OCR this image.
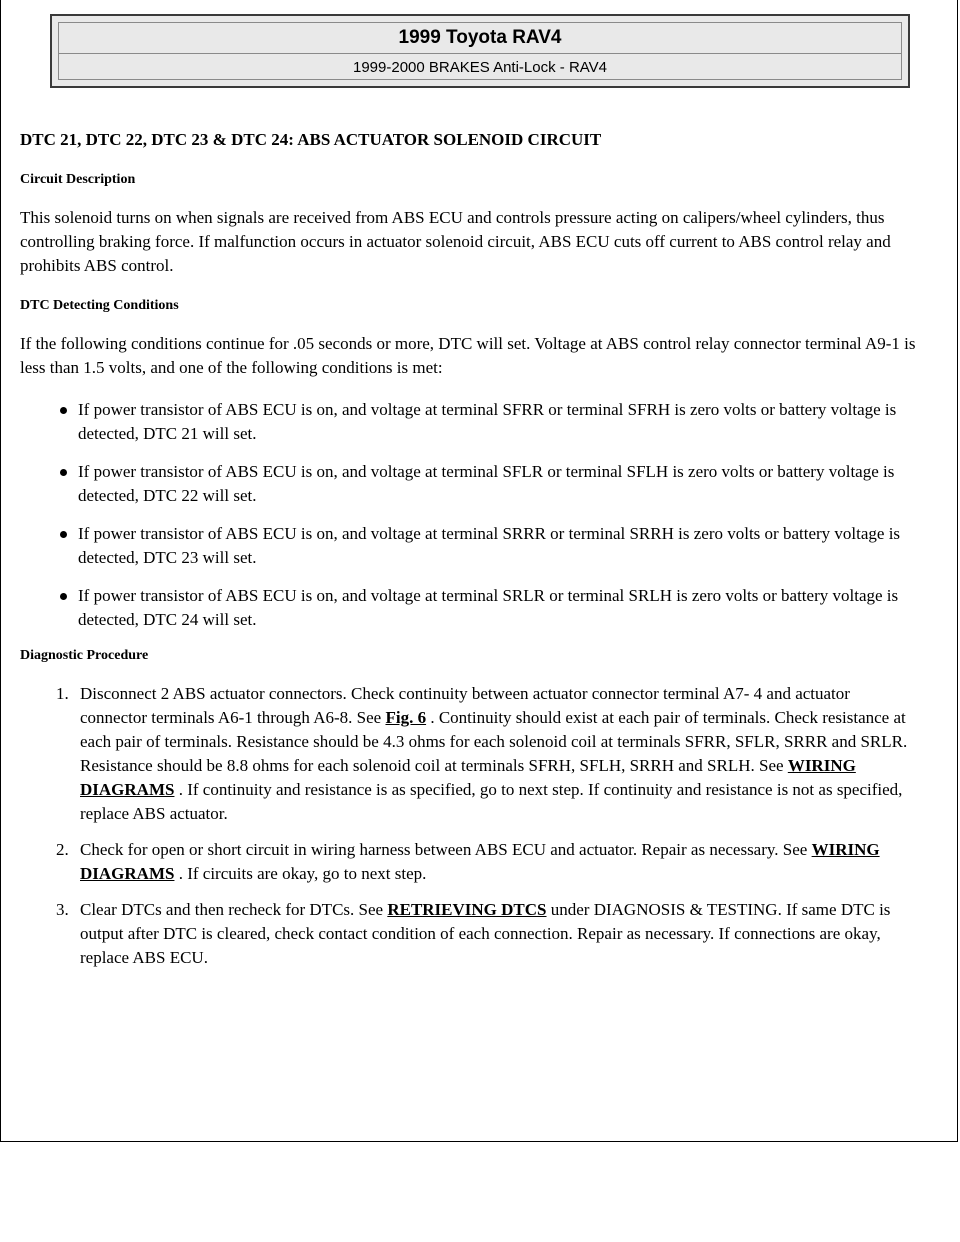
1999 Toyota RAV4
1999-2000 BRAKES Anti-Lock - RAV4
DTC 21, DTC 22, DTC 23 & DTC 24: ABS ACTUATOR SOLENOID CIRCUIT
Circuit Description

This solenoid turns on when signals are received from ABS ECU and controls pressure acting on calipers/wheel cylinders, thus controlling braking force. If malfunction occurs in actuator solenoid circuit, ABS ECU cuts off current to ABS control relay and prohibits ABS control.

DTC Detecting Conditions

If the following conditions continue for .05 seconds or more, DTC will set. Voltage at ABS control relay connector terminal A9-1 is less than 1.5 volts, and one of the following conditions is met:

If power transistor of ABS ECU is on, and voltage at terminal SFRR or terminal SFRH is zero volts or battery voltage is detected, DTC 21 will set.
If power transistor of ABS ECU is on, and voltage at terminal SFLR or terminal SFLH is zero volts or battery voltage is detected, DTC 22 will set.
If power transistor of ABS ECU is on, and voltage at terminal SRRR or terminal SRRH is zero volts or battery voltage is detected, DTC 23 will set.
If power transistor of ABS ECU is on, and voltage at terminal SRLR or terminal SRLH is zero volts or battery voltage is detected, DTC 24 will set.
Diagnostic Procedure
1. Disconnect 2 ABS actuator connectors. Check continuity between actuator connector terminal A7- 4 and actuator connector terminals A6-1 through A6-8. See Fig. 6 . Continuity should exist at each pair of terminals. Check resistance at each pair of terminals. Resistance should be 4.3 ohms for each solenoid coil at terminals SFRR, SFLR, SRRR and SRLR. Resistance should be 8.8 ohms for each solenoid coil at terminals SFRH, SFLH, SRRH and SRLH. See WIRING DIAGRAMS . If continuity and resistance is as specified, go to next step. If continuity and resistance is not as specified, replace ABS actuator.
2. Check for open or short circuit in wiring harness between ABS ECU and actuator. Repair as necessary. See WIRING DIAGRAMS . If circuits are okay, go to next step.
3. Clear DTCs and then recheck for DTCs. See RETRIEVING DTCS under DIAGNOSIS & TESTING. If same DTC is output after DTC is cleared, check contact condition of each connection. Repair as necessary. If connections are okay, replace ABS ECU.
